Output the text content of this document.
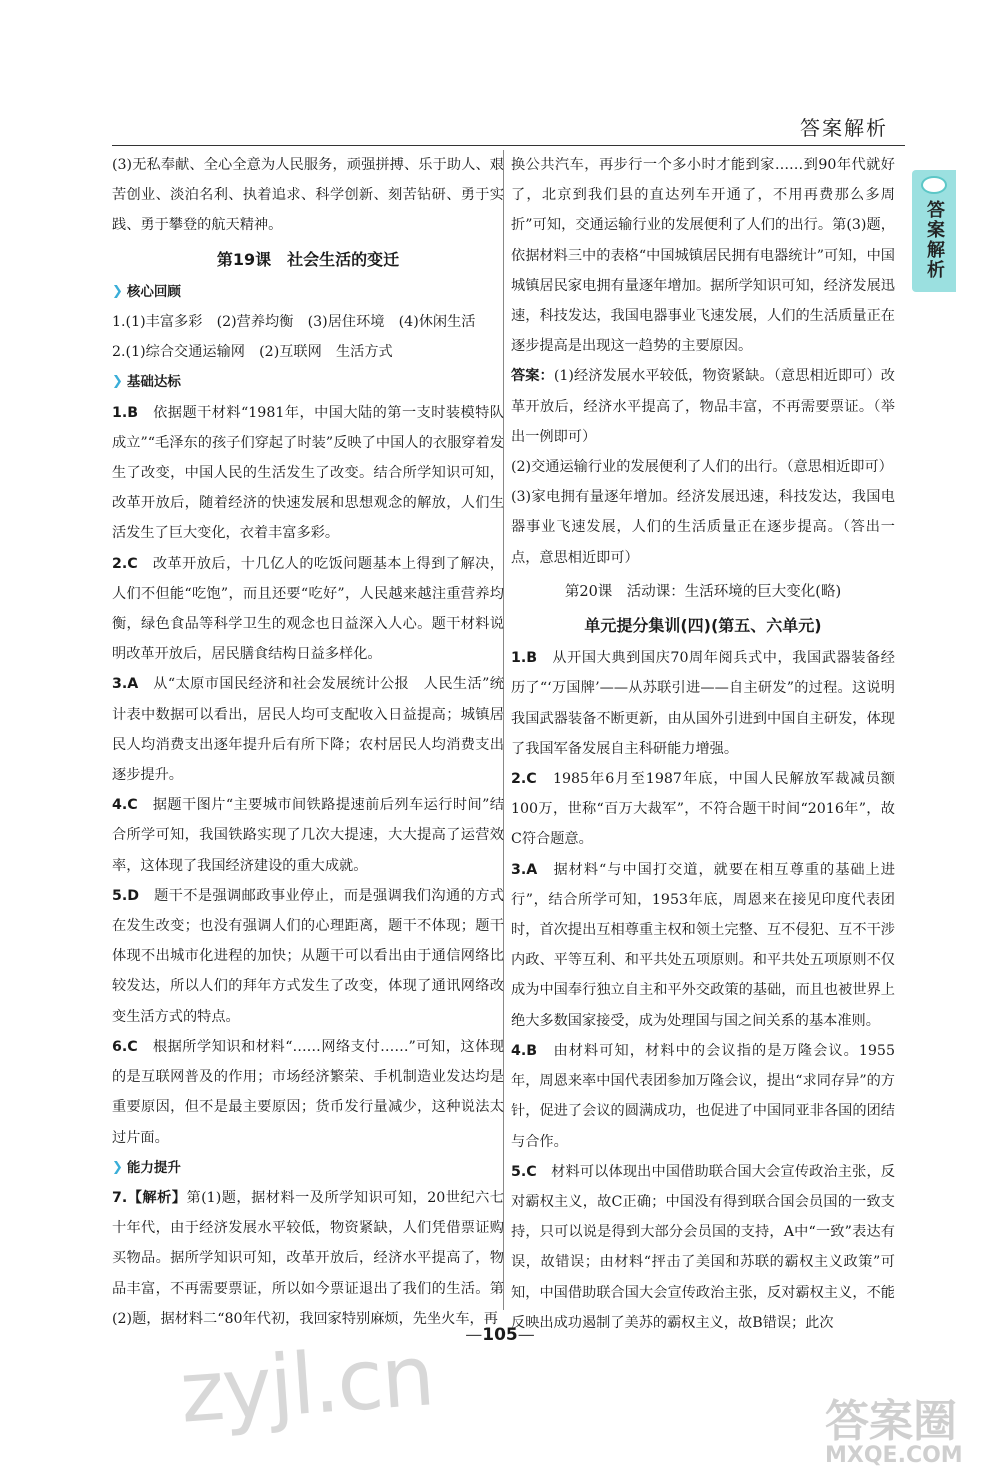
答案解析
答案解析

(3)无私奉献、全心全意为人民服务，顽强拼搏、乐于助人、艰苦创业、淡泊名利、执着追求、科学创新、刻苦钻研、勇于实践、勇于攀登的航天精神。

第19课　社会生活的变迁
❯ 核心回顾

1.(1)丰富多彩　(2)营养均衡　(3)居住环境　(4)休闲生活

2.(1)综合交通运输网　(2)互联网　生活方式

❯ 基础达标

1.B　 依据题干材料“1981年，中国大陆的第一支时装模特队成立”“毛泽东的孩子们穿起了时装”反映了中国人的衣服穿着发生了改变，中国人民的生活发生了改变。结合所学知识可知，改革开放后，随着经济的快速发展和思想观念的解放，人们生活发生了巨大变化，衣着丰富多彩。

2.C　 改革开放后，十几亿人的吃饭问题基本上得到了解决，人们不但能“吃饱”，而且还要“吃好”，人民越来越注重营养均衡，绿色食品等科学卫生的观念也日益深入人心。题干材料说明改革开放后，居民膳食结构日益多样化。

3.A　 从“太原市国民经济和社会发展统计公报　人民生活”统计表中数据可以看出，居民人均可支配收入日益提高；城镇居民人均消费支出逐年提升后有所下降；农村居民人均消费支出逐步提升。

4.C　 据题干图片“主要城市间铁路提速前后列车运行时间”结合所学可知，我国铁路实现了几次大提速，大大提高了运营效率，这体现了我国经济建设的重大成就。

5.D　 题干不是强调邮政事业停止，而是强调我们沟通的方式在发生改变；也没有强调人们的心理距离，题干不体现；题干体现不出城市化进程的加快；从题干可以看出由于通信网络比较发达，所以人们的拜年方式发生了改变，体现了通讯网络改变生活方式的特点。

6.C　 根据所学知识和材料“……网络支付……”可知，这体现的是互联网普及的作用；市场经济繁荣、手机制造业发达均是重要原因，但不是最主要原因；货币发行量减少，这种说法太过片面。

❯ 能力提升

7.【解析】第(1)题，据材料一及所学知识可知，20世纪六七十年代，由于经济发展水平较低，物资紧缺，人们凭借票证购买物品。据所学知识可知，改革开放后，经济水平提高了，物品丰富，不再需要票证，所以如今票证退出了我们的生活。第(2)题，据材料二“80年代初，我回家特别麻烦，先坐火车，再

换公共汽车，再步行一个多小时才能到家……到90年代就好了，北京到我们县的直达列车开通了，不用再费那么多周折”可知，交通运输行业的发展便利了人们的出行。第(3)题，依据材料三中的表格“中国城镇居民拥有电器统计”可知，中国城镇居民家电拥有量逐年增加。据所学知识可知，经济发展迅速，科技发达，我国电器事业飞速发展，人们的生活质量正在逐步提高是出现这一趋势的主要原因。

答案：(1)经济发展水平较低，物资紧缺。（意思相近即可）改革开放后，经济水平提高了，物品丰富，不再需要票证。（举出一例即可）

(2)交通运输行业的发展便利了人们的出行。（意思相近即可）

(3)家电拥有量逐年增加。经济发展迅速，科技发达，我国电器事业飞速发展，人们的生活质量正在逐步提高。（答出一点，意思相近即可）

第20课　活动课：生活环境的巨大变化(略)
单元提分集训(四)(第五、六单元)

1.B　 从开国大典到国庆70周年阅兵式中，我国武器装备经历了“‘万国牌’——从苏联引进——自主研发”的过程。这说明我国武器装备不断更新，由从国外引进到中国自主研发，体现了我国军备发展自主科研能力增强。

2.C　 1985年6月至1987年底，中国人民解放军裁减员额100万，世称“百万大裁军”，不符合题干时间“2016年”，故C符合题意。

3.A　 据材料“与中国打交道，就要在相互尊重的基础上进行”，结合所学可知，1953年底，周恩来在接见印度代表团时，首次提出互相尊重主权和领土完整、互不侵犯、互不干涉内政、平等互利、和平共处五项原则。和平共处五项原则不仅成为中国奉行独立自主和平外交政策的基础，而且也被世界上绝大多数国家接受，成为处理国与国之间关系的基本准则。

4.B　 由材料可知，材料中的会议指的是万隆会议。1955年，周恩来率中国代表团参加万隆会议，提出“求同存异”的方针，促进了会议的圆满成功，也促进了中国同亚非各国的团结与合作。

5.C　 材料可以体现出中国借助联合国大会宣传政治主张，反对霸权主义，故C正确；中国没有得到联合国会员国的一致支持，只可以说是得到大部分会员国的支持，A中“一致”表达有误，故错误；由材料“抨击了美国和苏联的霸权主义政策”可知，中国借助联合国大会宣传政治主张，反对霸权主义，不能反映出成功遏制了美苏的霸权主义，故B错误；此次

—105—
zyjl.cn	答案圈
MXQE.COM
